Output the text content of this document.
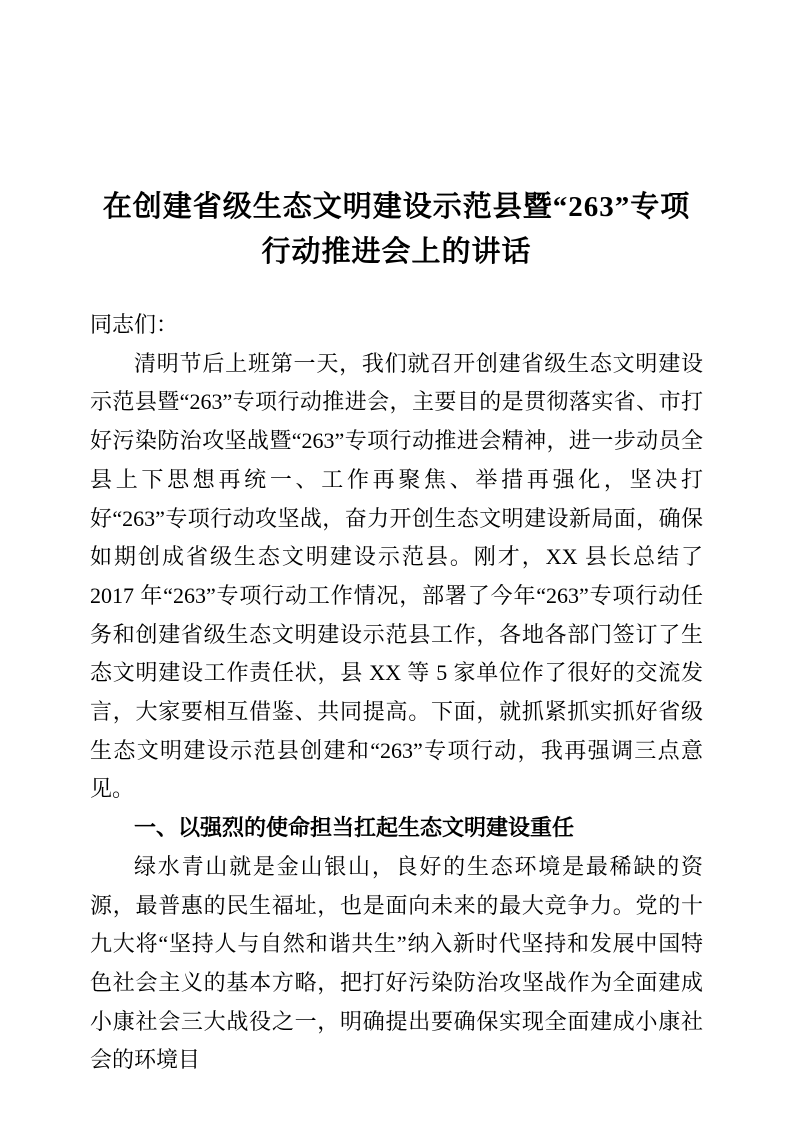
在创建省级生态文明建设示范县暨“263”专项
行动推进会上的讲话

同志们：

清明节后上班第一天，我们就召开创建省级生态文明建设示范县暨“263”专项行动推进会，主要目的是贯彻落实省、市打好污染防治攻坚战暨“263”专项行动推进会精神，进一步动员全县上下思想再统一、工作再聚焦、举措再强化，坚决打好“263”专项行动攻坚战，奋力开创生态文明建设新局面，确保如期创成省级生态文明建设示范县。刚才，XX 县长总结了 2017 年“263”专项行动工作情况，部署了今年“263”专项行动任务和创建省级生态文明建设示范县工作，各地各部门签订了生态文明建设工作责任状，县 XX 等 5 家单位作了很好的交流发言，大家要相互借鉴、共同提高。下面，就抓紧抓实抓好省级生态文明建设示范县创建和“263”专项行动，我再强调三点意见。

一、以强烈的使命担当扛起生态文明建设重任

绿水青山就是金山银山，良好的生态环境是最稀缺的资源，最普惠的民生福址，也是面向未来的最大竞争力。党的十九大将“坚持人与自然和谐共生”纳入新时代坚持和发展中国特色社会主义的基本方略，把打好污染防治攻坚战作为全面建成小康社会三大战役之一，明确提出要确保实现全面建成小康社会的环境目
